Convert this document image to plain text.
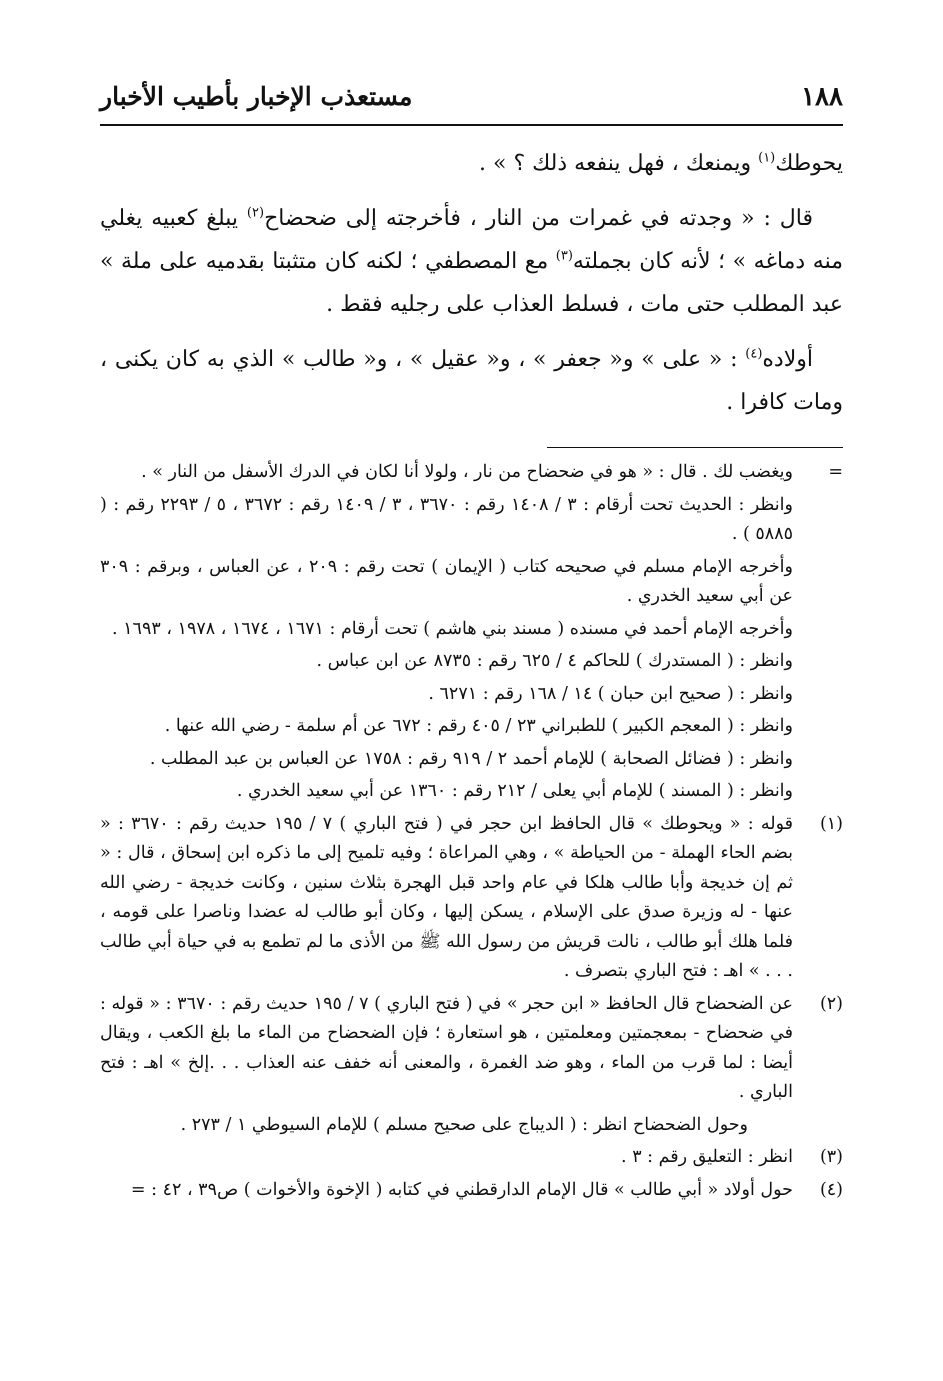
١٨٨
مستعذب الإخبار بأطيب الأخبار

يحوطك$^{(١)}$ ويمنعك ، فهل ينفعه ذلك ؟ » .

قال : « وجدته في غمرات من النار ، فأخرجته إلى ضحضاح$^{(٢)}$ يبلغ كعبيه يغلي منه دماغه » ؛ لأنه كان بجملته$^{(٣)}$ مع المصطفي ؛ لكنه كان متثبتا بقدميه على ملة » عبد المطلب حتى مات ، فسلط العذاب على رجليه فقط .

أولاده$^{(٤)}$ : « على » و« جعفر » ، و« عقيل » ، و« طالب » الذي به كان يكنى ، ومات كافرا .

=
ويغضب لك . قال : « هو في ضحضاح من نار ، ولولا أنا لكان في الدرك الأسفل من النار » .
وانظر : الحديث تحت أرقام : ٣ / ١٤٠٨ رقم : ٣٦٧٠ ، ٣ / ١٤٠٩ رقم : ٣٦٧٢ ، ٥ / ٢٢٩٣ رقم : ( ٥٨٨٥ ) .
وأخرجه الإمام مسلم في صحيحه كتاب ( الإيمان ) تحت رقم : ٢٠٩ ، عن العباس ، وبرقم : ٣٠٩ عن أبي سعيد الخدري .
وأخرجه الإمام أحمد في مسنده ( مسند بني هاشم ) تحت أرقام : ١٦٧١ ، ١٦٧٤ ، ١٩٧٨ ، ١٦٩٣ .
وانظر : ( المستدرك ) للحاكم ٤ / ٦٢٥ رقم : ٨٧٣٥ عن ابن عباس .
وانظر : ( صحيح ابن حبان ) ١٤ / ١٦٨ رقم : ٦٢٧١ .
وانظر : ( المعجم الكبير ) للطبراني ٢٣ / ٤٠٥ رقم : ٦٧٢ عن أم سلمة - رضي الله عنها .
وانظر : ( فضائل الصحابة ) للإمام أحمد ٢ / ٩١٩ رقم : ١٧٥٨ عن العباس بن عبد المطلب .
وانظر : ( المسند ) للإمام أبي يعلى / ٢١٢ رقم : ١٣٦٠ عن أبي سعيد الخدري .
(١)
قوله : « ويحوطك » قال الحافظ ابن حجر في ( فتح الباري ) ٧ / ١٩٥ حديث رقم : ٣٦٧٠ : « بضم الحاء الهملة - من الحياطة » ، وهي المراعاة ؛ وفيه تلميح إلى ما ذكره ابن إسحاق ، قال : « ثم إن خديجة وأبا طالب هلكا في عام واحد قبل الهجرة بثلاث سنين ، وكانت خديجة - رضي الله عنها - له وزيرة صدق على الإسلام ، يسكن إليها ، وكان أبو طالب له عضدا وناصرا على قومه ، فلما هلك أبو طالب ، نالت قريش من رسول الله ﷺ من الأذى ما لم تطمع به في حياة أبي طالب . . . » اهـ : فتح الباري بتصرف .
(٢)
عن الضحضاح قال الحافظ « ابن حجر » في ( فتح الباري ) ٧ / ١٩٥ حديث رقم : ٣٦٧٠ : « قوله : في ضحضاح - بمعجمتين ومعلمتين ، هو استعارة ؛ فإن الضحضاح من الماء ما بلغ الكعب ، ويقال أيضا : لما قرب من الماء ، وهو ضد الغمرة ، والمعنى أنه خفف عنه العذاب . . .إلخ » اهـ : فتح الباري .
وحول الضحضاح انظر : ( الديباج على صحيح مسلم ) للإمام السيوطي ١ / ٢٧٣ .
(٣)
انظر : التعليق رقم : ٣ .
(٤)
حول أولاد « أبي طالب » قال الإمام الدارقطني في كتابه ( الإخوة والأخوات ) ص٣٩ ، ٤٢ : =
